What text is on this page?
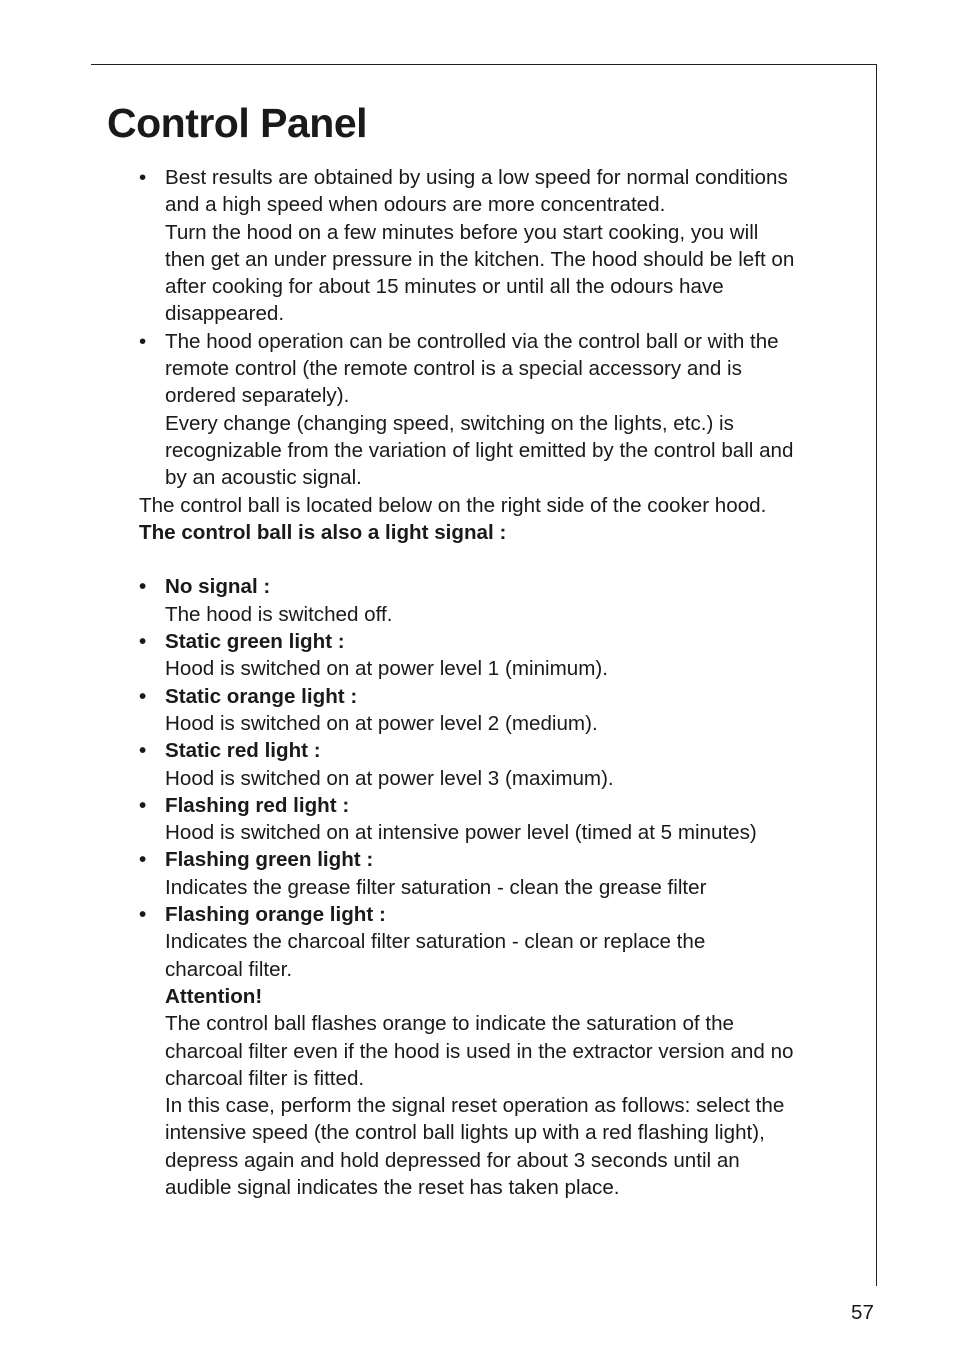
Control Panel
• Best results are obtained by using a low speed for normal conditions
and a high speed when odours are more concentrated.
Turn the hood on a few minutes before you start cooking, you will
then get an under pressure in the kitchen. The hood should be left on
after cooking for about 15 minutes or until all the odours have
disappeared.
• The hood operation can be controlled via the control ball or with the
remote control (the remote control is a special accessory and is
ordered separately).
Every change (changing speed, switching on the lights, etc.) is
recognizable from the variation of light emitted by the control ball and
by an acoustic signal.

The control ball is located below on the right side of the cooker hood.

The control ball is also a light signal :

• No signal :
The hood is switched off.
• Static green light :
Hood is switched on at power level 1 (minimum).
• Static orange light :
Hood is switched on at power level 2 (medium).
• Static red light :
Hood is switched on at power level 3 (maximum).
• Flashing red light :
Hood is switched on at intensive power level (timed at 5 minutes)
• Flashing green light :
Indicates the grease filter saturation - clean the grease filter
• Flashing orange light :
Indicates the charcoal filter saturation - clean or replace the
charcoal filter.
Attention!
The control ball flashes orange to indicate the saturation of the
charcoal filter even if the hood is used in the extractor version and no
charcoal filter is fitted.
In this case, perform the signal reset operation as follows: select the
intensive speed (the control ball lights up with a red flashing light),
depress again and hold depressed for about 3 seconds until an
audible signal indicates the reset has taken place.
57
